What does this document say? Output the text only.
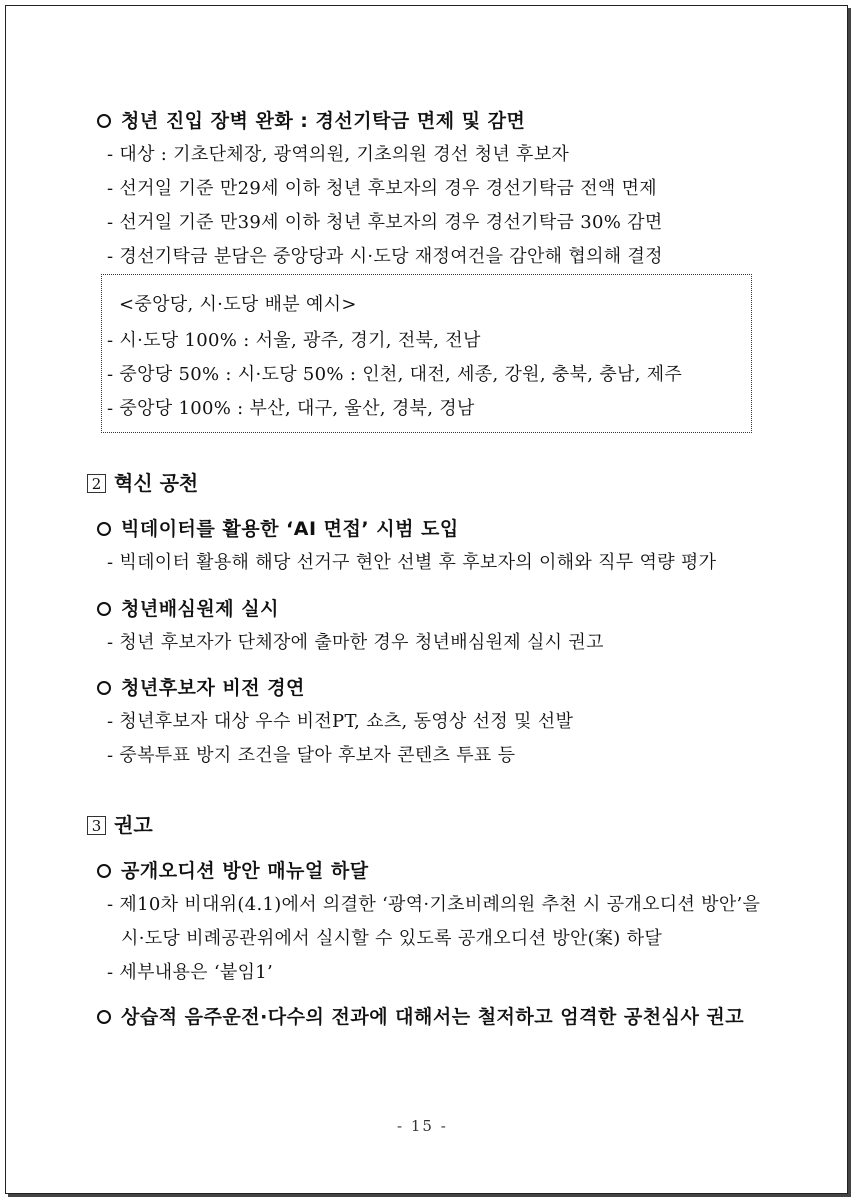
청년 진입 장벽 완화 : 경선기탁금 면제 및 감면
- 대상 : 기초단체장, 광역의원, 기초의원 경선 청년 후보자
- 선거일 기준 만29세 이하 청년 후보자의 경우 경선기탁금 전액 면제
- 선거일 기준 만39세 이하 청년 후보자의 경우 경선기탁금 30% 감면
- 경선기탁금 분담은 중앙당과 시·도당 재정여건을 감안해 협의해 결정
<중앙당, 시·도당 배분 예시>
- 시·도당 100% : 서울, 광주, 경기, 전북, 전남
- 중앙당 50% : 시·도당 50% : 인천, 대전, 세종, 강원, 충북, 충남, 제주
- 중앙당 100% : 부산, 대구, 울산, 경북, 경남
2 혁신 공천
빅데이터를 활용한 ‘AI 면접’ 시범 도입
- 빅데이터 활용해 해당 선거구 현안 선별 후 후보자의 이해와 직무 역량 평가
청년배심원제 실시
- 청년 후보자가 단체장에 출마한 경우 청년배심원제 실시 권고
청년후보자 비전 경연
- 청년후보자 대상 우수 비전PT, 쇼츠, 동영상 선정 및 선발
- 중복투표 방지 조건을 달아 후보자 콘텐츠 투표 등
3 권고
공개오디션 방안 매뉴얼 하달
- 제10차 비대위(4.1)에서 의결한 ‘광역·기초비례의원 추천 시 공개오디션 방안’을
시·도당 비례공관위에서 실시할 수 있도록 공개오디션 방안(案) 하달
- 세부내용은 ‘붙임1’
상습적 음주운전·다수의 전과에 대해서는 철저하고 엄격한 공천심사 권고
- 15 -
